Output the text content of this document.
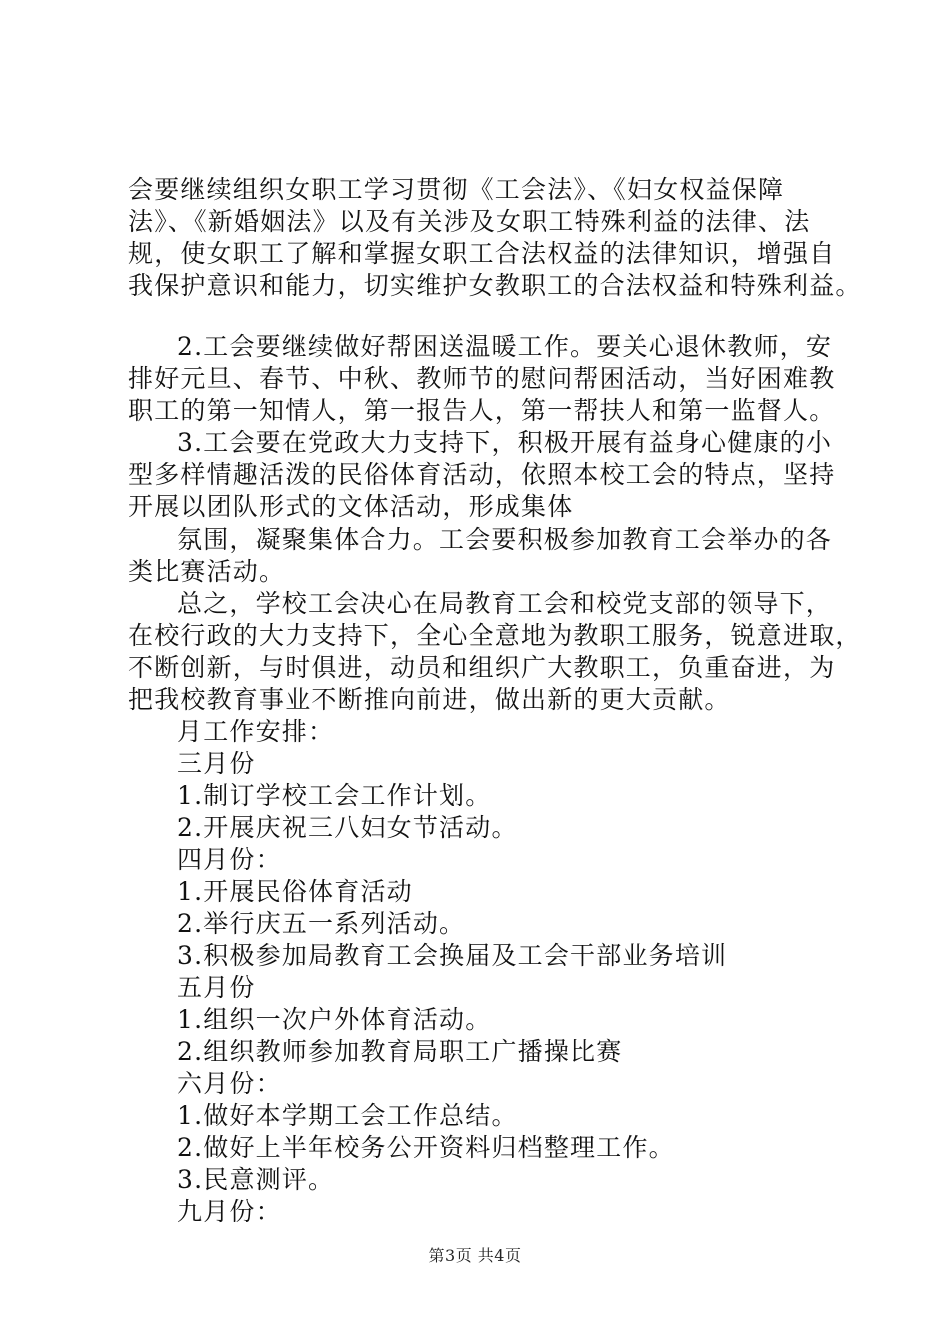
会要继续组织女职工学习贯彻《工会法》、《妇女权益保障
法》、《新婚姻法》以及有关涉及女职工特殊利益的法律、法
规，使女职工了解和掌握女职工合法权益的法律知识，增强自
我保护意识和能力，切实维护女教职工的合法权益和特殊利益。
2.工会要继续做好帮困送温暖工作。要关心退休教师，安
排好元旦、春节、中秋、教师节的慰问帮困活动，当好困难教
职工的第一知情人，第一报告人，第一帮扶人和第一监督人。
3.工会要在党政大力支持下，积极开展有益身心健康的小
型多样情趣活泼的民俗体育活动，依照本校工会的特点，坚持
开展以团队形式的文体活动，形成集体
氛围，凝聚集体合力。工会要积极参加教育工会举办的各
类比赛活动。
总之，学校工会决心在局教育工会和校党支部的领导下，
在校行政的大力支持下，全心全意地为教职工服务，锐意进取，
不断创新，与时俱进，动员和组织广大教职工，负重奋进，为
把我校教育事业不断推向前进，做出新的更大贡献。
月工作安排：
三月份
1.制订学校工会工作计划。
2.开展庆祝三八妇女节活动。
四月份：
1.开展民俗体育活动
2.举行庆五一系列活动。
3.积极参加局教育工会换届及工会干部业务培训
五月份
1.组织一次户外体育活动。
2.组织教师参加教育局职工广播操比赛
六月份：
1.做好本学期工会工作总结。
2.做好上半年校务公开资料归档整理工作。
3.民意测评。
九月份：
第3页 共4页
